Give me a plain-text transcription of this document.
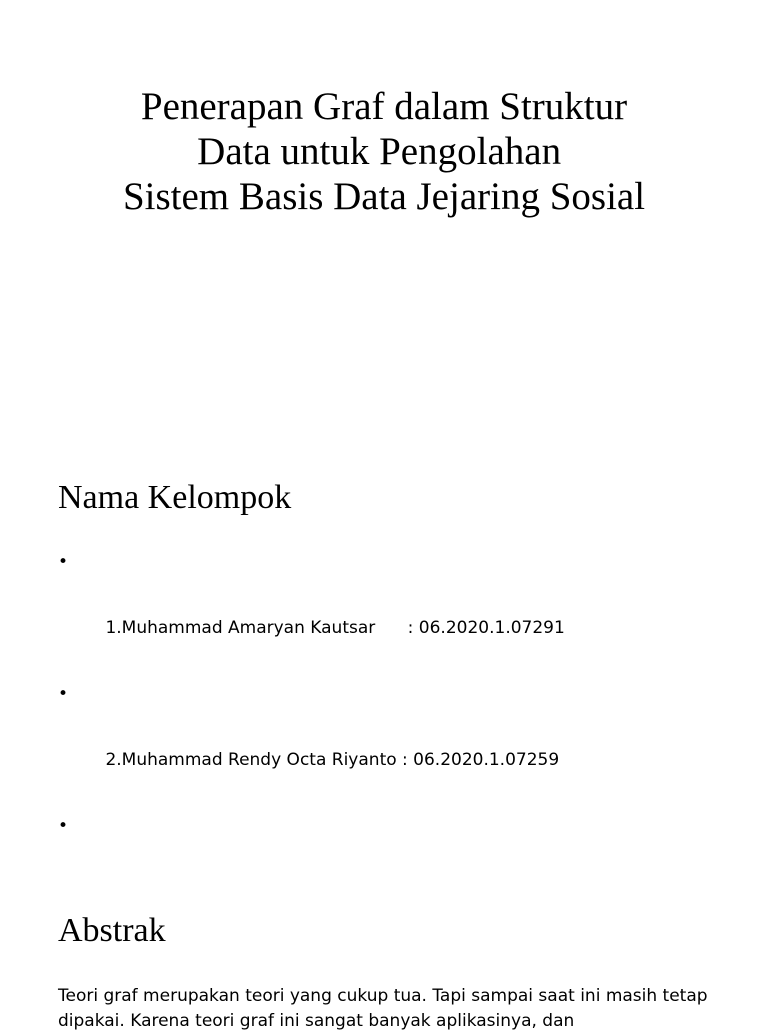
Penerapan Graf dalam Struktur
Data untuk Pengolahan
Sistem Basis Data Jejaring Sosial
Nama Kelompok

•

1.Muhammad Amaryan Kautsar      : 06.2020.1.07291

•

2.Muhammad Rendy Octa Riyanto : 06.2020.1.07259

•

Abstrak

Teori graf merupakan teori yang cukup tua. Tapi sampai saat ini masih tetap dipakai. Karena teori graf ini sangat banyak aplikasinya, dan
